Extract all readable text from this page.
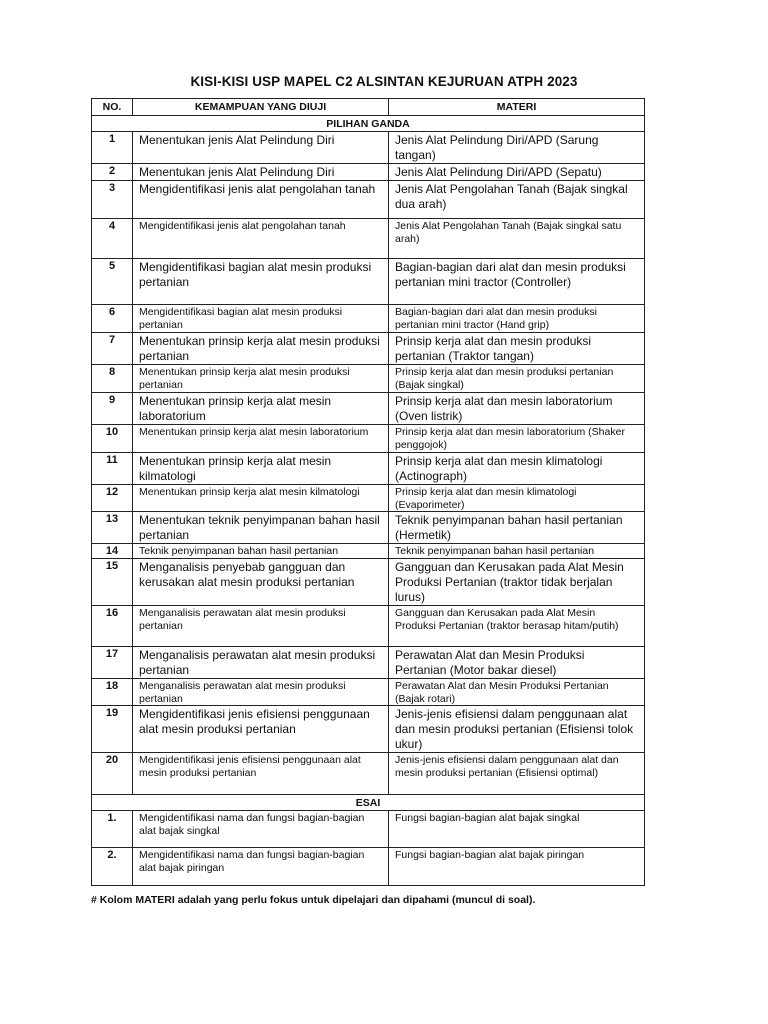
KISI-KISI USP MAPEL C2 ALSINTAN KEJURUAN ATPH 2023
NO.	KEMAMPUAN YANG DIUJI	MATERI
PILIHAN GANDA		
1	Menentukan jenis Alat Pelindung Diri	Jenis Alat Pelindung Diri/APD (Sarung tangan)
2	Menentukan jenis Alat Pelindung Diri	Jenis Alat Pelindung Diri/APD (Sepatu)
3	Mengidentifikasi jenis alat pengolahan tanah	Jenis Alat Pengolahan Tanah (Bajak singkal dua arah)
4	Mengidentifikasi jenis alat pengolahan tanah	Jenis Alat Pengolahan Tanah (Bajak singkal satu arah)
5	Mengidentifikasi bagian alat mesin produksi pertanian	Bagian-bagian dari alat dan mesin produksi pertanian mini tractor (Controller)
6	Mengidentifikasi bagian alat mesin produksi pertanian	Bagian-bagian dari alat dan mesin produksi pertanian mini tractor (Hand grip)
7	Menentukan prinsip kerja alat mesin produksi pertanian	Prinsip kerja alat dan mesin produksi pertanian (Traktor tangan)
8	Menentukan prinsip kerja alat mesin produksi pertanian	Prinsip kerja alat dan mesin produksi pertanian (Bajak singkal)
9	Menentukan prinsip kerja alat mesin laboratorium	Prinsip kerja alat dan mesin laboratorium (Oven listrik)
10	Menentukan prinsip kerja alat mesin laboratorium	Prinsip kerja alat dan mesin laboratorium (Shaker penggojok)
11	Menentukan prinsip kerja alat mesin kilmatologi	Prinsip kerja alat dan mesin klimatologi (Actinograph)
12	Menentukan prinsip kerja alat mesin kilmatologi	Prinsip kerja alat dan mesin klimatologi (Evaporimeter)
13	Menentukan teknik penyimpanan bahan hasil pertanian	Teknik penyimpanan bahan hasil pertanian (Hermetik)
14	Teknik penyimpanan bahan hasil pertanian	Teknik penyimpanan bahan hasil pertanian
15	Menganalisis penyebab gangguan dan kerusakan alat mesin produksi pertanian	Gangguan dan Kerusakan pada Alat Mesin Produksi Pertanian (traktor tidak berjalan lurus)
16	Menganalisis perawatan alat mesin produksi pertanian	Gangguan dan Kerusakan pada Alat Mesin Produksi Pertanian (traktor berasap hitam/putih)
17	Menganalisis perawatan alat mesin produksi pertanian	Perawatan Alat dan Mesin Produksi Pertanian (Motor bakar diesel)
18	Menganalisis perawatan alat mesin produksi pertanian	Perawatan Alat dan Mesin Produksi Pertanian (Bajak rotari)
19	Mengidentifikasi jenis efisiensi penggunaan alat mesin produksi pertanian	Jenis-jenis efisiensi dalam penggunaan alat dan mesin produksi pertanian (Efisiensi tolok ukur)
20	Mengidentifikasi jenis efisiensi penggunaan alat mesin produksi pertanian	Jenis-jenis efisiensi dalam penggunaan alat dan mesin produksi pertanian (Efisiensi optimal)
ESAI		
1.	Mengidentifikasi nama dan fungsi bagian-bagian alat bajak singkal	Fungsi bagian-bagian alat bajak singkal
2.	Mengidentifikasi nama dan fungsi bagian-bagian alat bajak piringan	Fungsi bagian-bagian alat bajak piringan
# Kolom MATERI adalah yang perlu fokus untuk dipelajari dan dipahami (muncul di soal).
